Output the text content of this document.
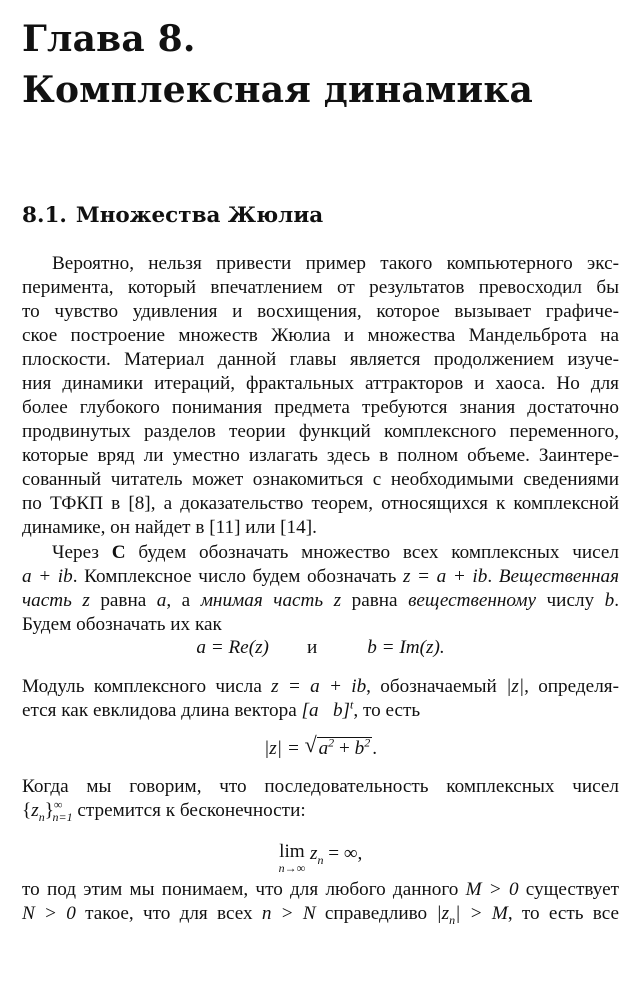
Глава 8.
Комплексная динамика
8.1. Множества Жюлиа
Вероятно, нельзя привести пример такого компьютерного экс-
перимента, который впечатлением от результатов превосходил бы
то чувство удивления и восхищения, которое вызывает графиче-
ское построение множеств Жюлиа и множества Мандельброта на
плоскости. Материал данной главы является продолжением изуче-
ния динамики итераций, фрактальных аттракторов и хаоса. Но для
более глубокого понимания предмета требуются знания достаточно
продвинутых разделов теории функций комплексного переменного,
которые вряд ли уместно излагать здесь в полном объеме. Заинтере-
сованный читатель может ознакомиться с необходимыми сведениями
по ТФКП в [8], а доказательство теорем, относящихся к комплексной
динамике, он найдет в [11] или [14].
Через C будем обозначать множество всех комплексных чисел
a + ib. Комплексное число будем обозначать z = a + ib. Вещественная
часть z равна a, а мнимая часть z равна вещественному числу b.
Будем обозначать их как
a = Re(z) и	b = Im(z).
Модуль комплексного числа z = a + ib, обозначаемый |z|, определя-
ется как евклидова длина вектора [a   b]$^t$, то есть
|z| = √ $a^2 + b^2$ .
Когда мы говорим, что последовательность комплексных чисел
$\{z_n\}^\infty_{n=1}$ стремится к бесконечности:
lim
n→∞
$z_n$ = ∞,
то под этим мы понимаем, что для любого данного M > 0 существует
N > 0 такое, что для всех n > N справедливо $|z_n| > M$, то есть все
